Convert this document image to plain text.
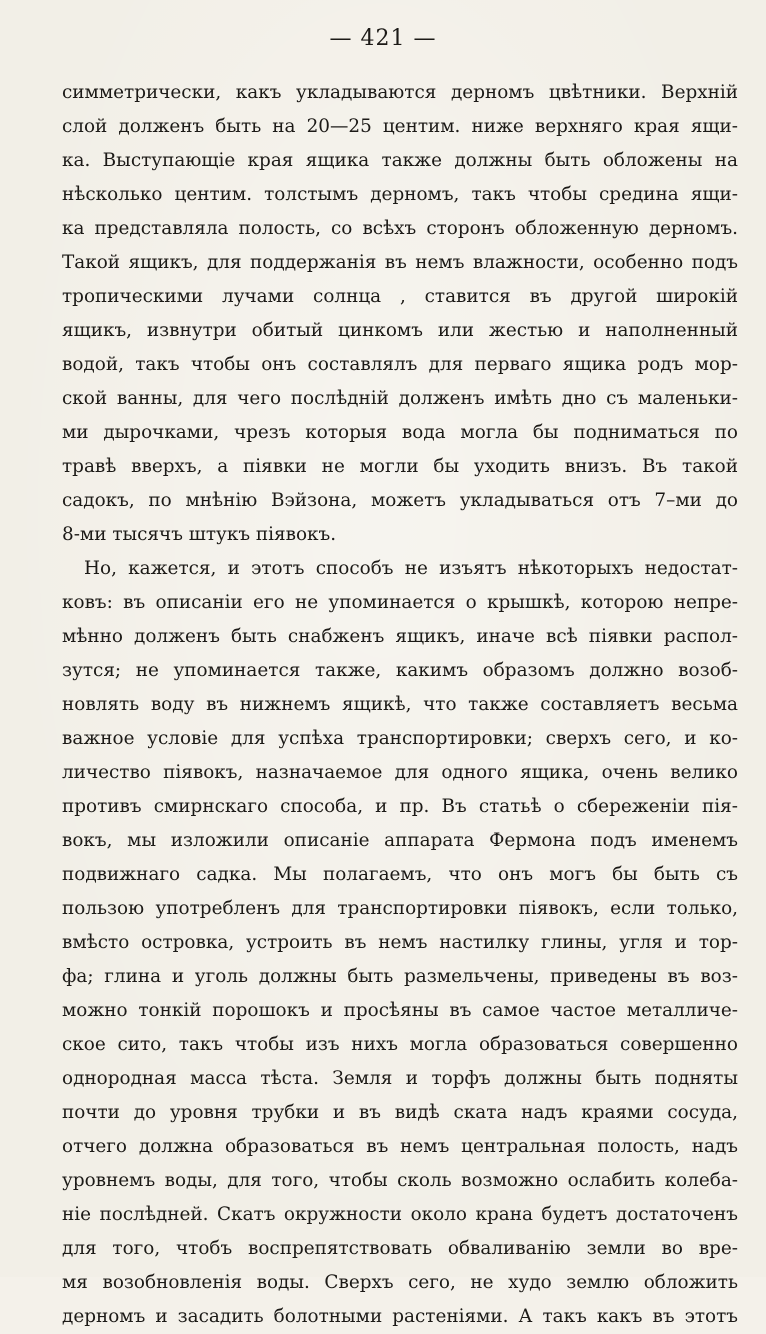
— 421 —
симметрически, какъ укладываются дерномъ цвѣтники. Верхній
слой долженъ быть на 20—25 центим. ниже верхняго края ящи-
ка. Выступающіе края ящика также должны быть обложены на
нѣсколько центим. толстымъ дерномъ, такъ чтобы средина ящи-
ка представляла полость, со всѣхъ сторонъ обложенную дерномъ.
Такой ящикъ, для поддержанія въ немъ влажности, особенно подъ
тропическими лучами солнца , ставится въ другой широкій
ящикъ, извнутри обитый цинкомъ или жестью и наполненный
водой, такъ чтобы онъ составлялъ для перваго ящика родъ мор-
ской ванны, для чего послѣдній долженъ имѣть дно съ маленьки-
ми дырочками, чрезъ которыя вода могла бы подниматься по
травѣ вверхъ, а піявки не могли бы уходить внизъ. Въ такой
садокъ, по мнѣнію Вэйзона, можетъ укладываться отъ 7–ми до
8-ми тысячъ штукъ піявокъ.
Но, кажется, и этотъ способъ не изъятъ нѣкоторыхъ недостат-
ковъ: въ описаніи его не упоминается о крышкѣ, которою непре-
мѣнно долженъ быть снабженъ ящикъ, иначе всѣ піявки распол-
зутся; не упоминается также, какимъ образомъ должно возоб-
новлять воду въ нижнемъ ящикѣ, что также составляетъ весьма
важное условіе для успѣха транспортировки; сверхъ сего, и ко-
личество піявокъ, назначаемое для одного ящика, очень велико
противъ смирнскаго способа, и пр. Въ статьѣ о сбереженіи пія-
вокъ, мы изложили описаніе аппарата Фермона подъ именемъ
подвижнаго садка. Мы полагаемъ, что онъ могъ бы быть съ
пользою употребленъ для транспортировки піявокъ, если только,
вмѣсто островка, устроить въ немъ настилку глины, угля и тор-
фа; глина и уголь должны быть размельчены, приведены въ воз-
можно тонкій порошокъ и просѣяны въ самое частое металличе-
ское сито, такъ чтобы изъ нихъ могла образоваться совершенно
однородная масса тѣста. Земля и торфъ должны быть подняты
почти до уровня трубки и въ видѣ ската надъ краями сосуда,
отчего должна образоваться въ немъ центральная полость, надъ
уровнемъ воды, для того, чтобы сколь возможно ослабить колеба-
ніе послѣдней. Скатъ окружности около крана будетъ достаточенъ
для того, чтобъ воспрепятствовать обваливанію земли во вре-
мя возобновленія воды. Сверхъ сего, не худо землю обложить
дерномъ и засадить болотными растеніями. А такъ какъ въ этотъ
